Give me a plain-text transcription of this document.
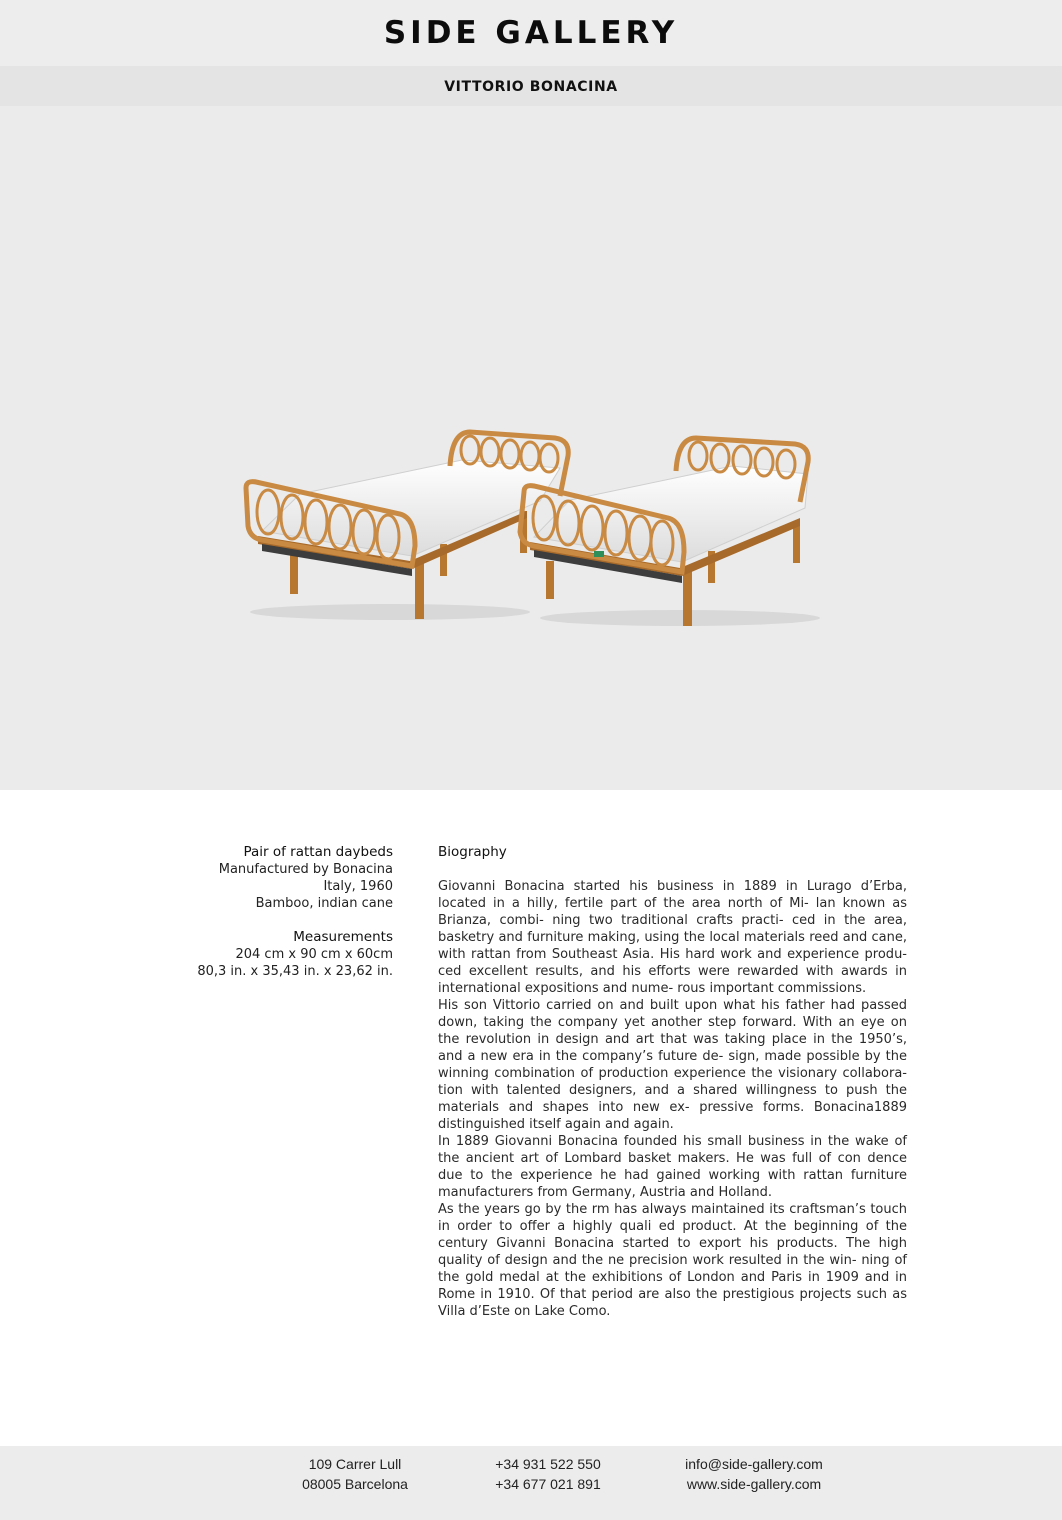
SIDE GALLERY
VITTORIO BONACINA
Pair of rattan daybeds
Manufactured by Bonacina
Italy, 1960
Bamboo, indian cane
Measurements
204 cm x 90 cm x 60cm
80,3 in. x 35,43 in. x 23,62 in.
Biography

Giovanni Bonacina started his business in 1889 in Lurago d’Erba, located in a hilly, fertile part of the area north of Mi- lan known as Brianza, combi- ning two traditional crafts practi- ced in the area, basketry and furniture making, using the local materials reed and cane, with rattan from Southeast Asia. His hard work and experience produ- ced excellent results, and his efforts were rewarded with awards in international expositions and nume- rous important commissions.

His son Vittorio carried on and built upon what his father had passed down, taking the company yet another step forward. With an eye on the revolution in design and art that was taking place in the 1950’s, and a new era in the company’s future de- sign, made possible by the winning combination of production experience the visionary collabora- tion with talented designers, and a shared willingness to push the materials and shapes into new ex- pressive forms. Bonacina1889 distinguished itself again and again.

In 1889 Giovanni Bonacina founded his small business in the wake of the ancient art of Lombard basket makers. He was full of con dence due to the experience he had gained working with rattan furniture manufacturers from Germany, Austria and Holland.

As the years go by the rm has always maintained its craftsman’s touch in order to offer a highly quali ed product. At the beginning of the century Givanni Bonacina started to export his products. The high quality of design and the ne precision work resulted in the win- ning of the gold medal at the exhibitions of London and Paris in 1909 and in Rome in 1910. Of that period are also the prestigious projects such as Villa d’Este on Lake Como.

109 Carrer Lull
08005 Barcelona
+34 931 522 550
+34 677 021 891
info@side-gallery.com
www.side-gallery.com
